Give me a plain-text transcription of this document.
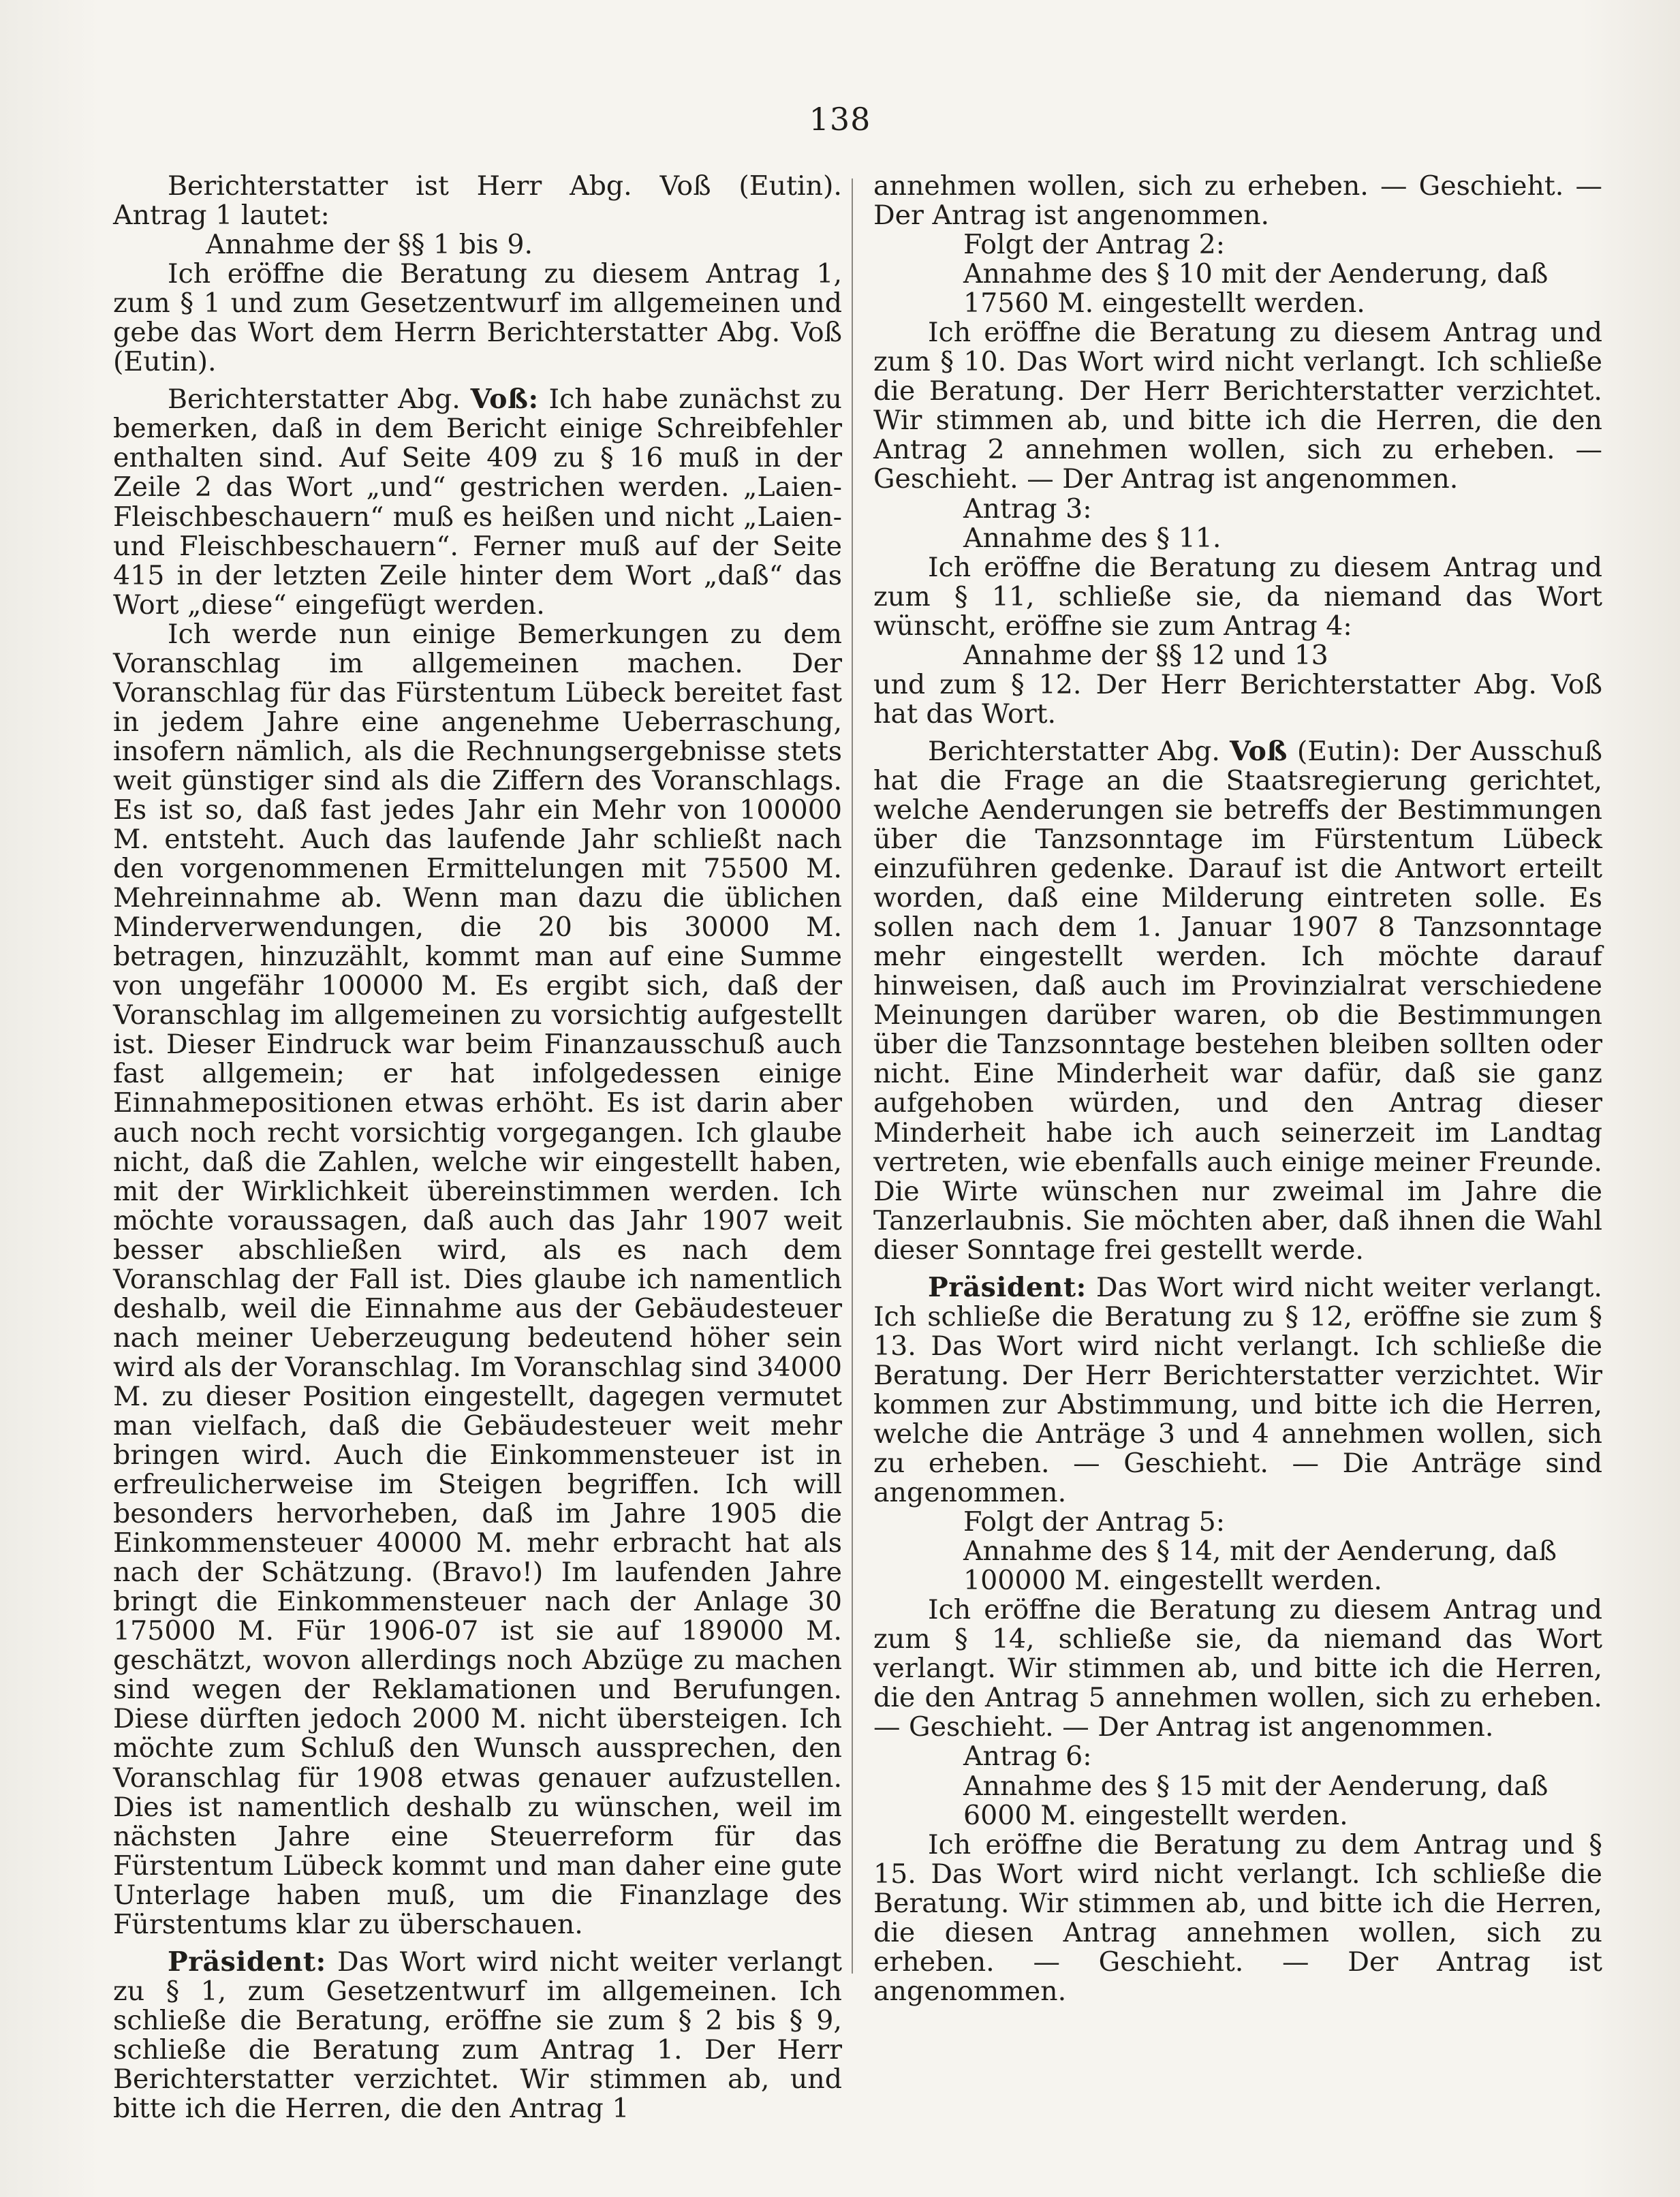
138

Berichterstatter ist Herr Abg. Voß (Eutin). Antrag 1 lautet:

Annahme der §§ 1 bis 9.

Ich eröffne die Beratung zu diesem Antrag 1, zum § 1 und zum Gesetzentwurf im allgemeinen und gebe das Wort dem Herrn Berichterstatter Abg. Voß (Eutin).

Berichterstatter Abg. Voß: Ich habe zunächst zu bemerken, daß in dem Bericht einige Schreibfehler enthalten sind. Auf Seite 409 zu § 16 muß in der Zeile 2 das Wort „und“ gestrichen werden. „Laien-Fleischbeschauern“ muß es heißen und nicht „Laien- und Fleischbeschauern“. Ferner muß auf der Seite 415 in der letzten Zeile hinter dem Wort „daß“ das Wort „diese“ eingefügt werden.

Ich werde nun einige Bemerkungen zu dem Voranschlag im allgemeinen machen. Der Voranschlag für das Fürstentum Lübeck bereitet fast in jedem Jahre eine angenehme Ueberraschung, insofern nämlich, als die Rechnungsergebnisse stets weit günstiger sind als die Ziffern des Voranschlags. Es ist so, daß fast jedes Jahr ein Mehr von 100000 M. entsteht. Auch das laufende Jahr schließt nach den vorgenommenen Ermittelungen mit 75500 M. Mehreinnahme ab. Wenn man dazu die üblichen Minderverwendungen, die 20 bis 30000 M. betragen, hinzuzählt, kommt man auf eine Summe von ungefähr 100000 M. Es ergibt sich, daß der Voranschlag im allgemeinen zu vorsichtig aufgestellt ist. Dieser Eindruck war beim Finanzausschuß auch fast allgemein; er hat infolgedessen einige Einnahmepositionen etwas erhöht. Es ist darin aber auch noch recht vorsichtig vorgegangen. Ich glaube nicht, daß die Zahlen, welche wir eingestellt haben, mit der Wirklichkeit übereinstimmen werden. Ich möchte voraussagen, daß auch das Jahr 1907 weit besser abschließen wird, als es nach dem Voranschlag der Fall ist. Dies glaube ich namentlich deshalb, weil die Einnahme aus der Gebäudesteuer nach meiner Ueberzeugung bedeutend höher sein wird als der Voranschlag. Im Voranschlag sind 34000 M. zu dieser Position eingestellt, dagegen vermutet man vielfach, daß die Gebäudesteuer weit mehr bringen wird. Auch die Einkommensteuer ist in erfreulicherweise im Steigen begriffen. Ich will besonders hervorheben, daß im Jahre 1905 die Einkommensteuer 40000 M. mehr erbracht hat als nach der Schätzung. (Bravo!) Im laufenden Jahre bringt die Einkommensteuer nach der Anlage 30 175000 M. Für 1906-07 ist sie auf 189000 M. geschätzt, wovon allerdings noch Abzüge zu machen sind wegen der Reklamationen und Berufungen. Diese dürften jedoch 2000 M. nicht übersteigen. Ich möchte zum Schluß den Wunsch aussprechen, den Voranschlag für 1908 etwas genauer aufzustellen. Dies ist namentlich deshalb zu wünschen, weil im nächsten Jahre eine Steuerreform für das Fürstentum Lübeck kommt und man daher eine gute Unterlage haben muß, um die Finanzlage des Fürstentums klar zu überschauen.

Präsident: Das Wort wird nicht weiter verlangt zu § 1, zum Gesetzentwurf im allgemeinen. Ich schließe die Beratung, eröffne sie zum § 2 bis § 9, schließe die Beratung zum Antrag 1. Der Herr Berichterstatter verzichtet. Wir stimmen ab, und bitte ich die Herren, die den Antrag 1

annehmen wollen, sich zu erheben. — Geschieht. — Der Antrag ist angenommen.

Folgt der Antrag 2:

Annahme des § 10 mit der Aenderung, daß 17560 M. eingestellt werden.

Ich eröffne die Beratung zu diesem Antrag und zum § 10. Das Wort wird nicht verlangt. Ich schließe die Beratung. Der Herr Berichterstatter verzichtet. Wir stimmen ab, und bitte ich die Herren, die den Antrag 2 annehmen wollen, sich zu erheben. — Geschieht. — Der Antrag ist angenommen.

Antrag 3:

Annahme des § 11.

Ich eröffne die Beratung zu diesem Antrag und zum § 11, schließe sie, da niemand das Wort wünscht, eröffne sie zum Antrag 4:

Annahme der §§ 12 und 13

und zum § 12. Der Herr Berichterstatter Abg. Voß hat das Wort.

Berichterstatter Abg. Voß (Eutin): Der Ausschuß hat die Frage an die Staatsregierung gerichtet, welche Aenderungen sie betreffs der Bestimmungen über die Tanzsonntage im Fürstentum Lübeck einzuführen gedenke. Darauf ist die Antwort erteilt worden, daß eine Milderung eintreten solle. Es sollen nach dem 1. Januar 1907 8 Tanzsonntage mehr eingestellt werden. Ich möchte darauf hinweisen, daß auch im Provinzialrat verschiedene Meinungen darüber waren, ob die Bestimmungen über die Tanzsonntage bestehen bleiben sollten oder nicht. Eine Minderheit war dafür, daß sie ganz aufgehoben würden, und den Antrag dieser Minderheit habe ich auch seinerzeit im Landtag vertreten, wie ebenfalls auch einige meiner Freunde. Die Wirte wünschen nur zweimal im Jahre die Tanzerlaubnis. Sie möchten aber, daß ihnen die Wahl dieser Sonntage frei gestellt werde.

Präsident: Das Wort wird nicht weiter verlangt. Ich schließe die Beratung zu § 12, eröffne sie zum § 13. Das Wort wird nicht verlangt. Ich schließe die Beratung. Der Herr Berichterstatter verzichtet. Wir kommen zur Abstimmung, und bitte ich die Herren, welche die Anträge 3 und 4 annehmen wollen, sich zu erheben. — Geschieht. — Die Anträge sind angenommen.

Folgt der Antrag 5:

Annahme des § 14, mit der Aenderung, daß 100000 M. eingestellt werden.

Ich eröffne die Beratung zu diesem Antrag und zum § 14, schließe sie, da niemand das Wort verlangt. Wir stimmen ab, und bitte ich die Herren, die den Antrag 5 annehmen wollen, sich zu erheben. — Geschieht. — Der Antrag ist angenommen.

Antrag 6:

Annahme des § 15 mit der Aenderung, daß 6000 M. eingestellt werden.

Ich eröffne die Beratung zu dem Antrag und § 15. Das Wort wird nicht verlangt. Ich schließe die Beratung. Wir stimmen ab, und bitte ich die Herren, die diesen Antrag annehmen wollen, sich zu erheben. — Geschieht. — Der Antrag ist angenommen.
